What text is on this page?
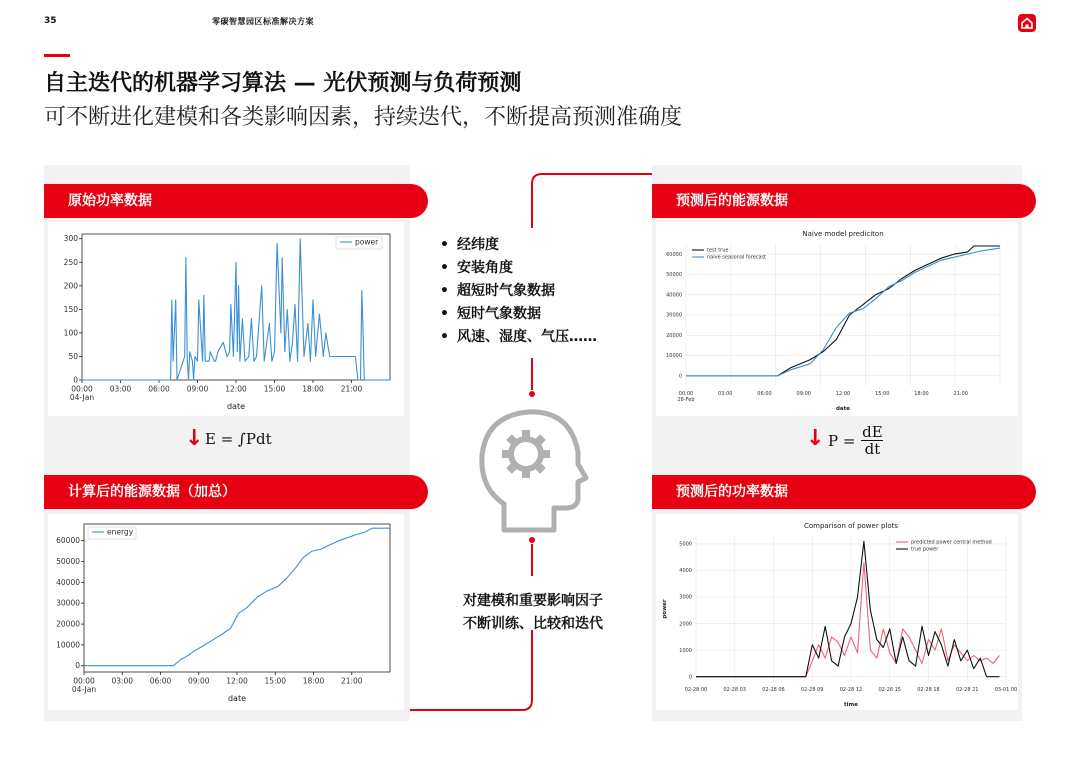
35	零碳智慧园区标准解决方案
自主迭代的机器学习算法 — 光伏预测与负荷预测
可不断进化建模和各类影响因素，持续迭代，不断提高预测准确度
原始功率数据
计算后的能源数据（加总）
预测后的能源数据
预测后的功率数据
0
50
100
150
200
250
300
00:00
04-Jan
03:00 06:00 09:00 12:00 15:00 18:00 21:00
date
power
0
10000
20000
30000
40000
50000
60000
00:00
04-Jan
03:00 06:00 09:00 12:00 15:00 18:00 21:00
date
energy
0
10000
20000
30000
40000
50000
60000
00:00
28-Feb
03:00	06:00	09:00	12:00	15:00	18:00	21:00
date
Naive model prediciton
test true
naive seasonal forecast
0
1000
2000
3000
4000
5000
02-28 00	02-28 03	02-28 06	02-28 09	02-28 12	02-28 15	02-28 18	02-28 21	03-01 00
time
power
Comparison of power plots
predicted power central method
true power
↓ E = ∫Pdt	↓ P = dE
dt
• 经纬度
• 安装角度
• 超短时气象数据
• 短时气象数据
• 风速、湿度、气压……
对建模和重要影响因子
不断训练、比较和迭代
